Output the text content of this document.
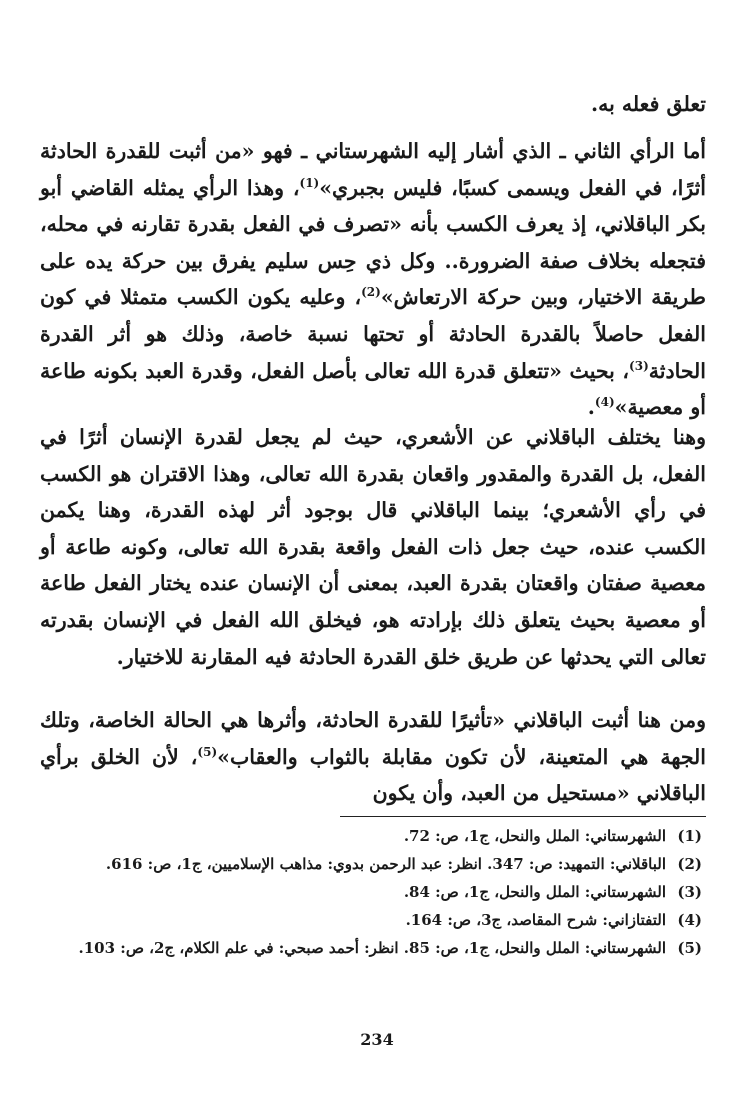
تعلق فعله به.

أما الرأي الثاني ـ الذي أشار إليه الشهرستاني ـ فهو «من أثبت للقدرة الحادثة أثرًا، في الفعل ويسمى كسبًا، فليس بجبري»$^{(1)}$، وهذا الرأي يمثله القاضي أبو بكر الباقلاني، إذ يعرف الكسب بأنه «تصرف في الفعل بقدرة تقارنه في محله، فتجعله بخلاف صفة الضرورة.. وكل ذي حِس سليم يفرق بين حركة يده على طريقة الاختيار، وبين حركة الارتعاش»$^{(2)}$، وعليه يكون الكسب متمثلا في كون الفعل حاصلاً بالقدرة الحادثة أو تحتها نسبة خاصة، وذلك هو أثر القدرة الحادثة$^{(3)}$، بحيث «تتعلق قدرة الله تعالى بأصل الفعل، وقدرة العبد بكونه طاعة أو معصية»$^{(4)}$.

وهنا يختلف الباقلاني عن الأشعري، حيث لم يجعل لقدرة الإنسان أثرًا في الفعل، بل القدرة والمقدور واقعان بقدرة الله تعالى، وهذا الاقتران هو الكسب في رأي الأشعري؛ بينما الباقلاني قال بوجود أثر لهذه القدرة، وهنا يكمن الكسب عنده، حيث جعل ذات الفعل واقعة بقدرة الله تعالى، وكونه طاعة أو معصية صفتان واقعتان بقدرة العبد، بمعنى أن الإنسان عنده يختار الفعل طاعة أو معصية بحيث يتعلق ذلك بإرادته هو، فيخلق الله الفعل في الإنسان بقدرته تعالى التي يحدثها عن طريق خلق القدرة الحادثة فيه المقارنة للاختيار.

ومن هنا أثبت الباقلاني «تأثيرًا للقدرة الحادثة، وأثرها هي الحالة الخاصة، وتلك الجهة هي المتعينة، لأن تكون مقابلة بالثواب والعقاب»$^{(5)}$، لأن الخلق برأي الباقلاني «مستحيل من العبد، وأن يكون

(1)
الشهرستاني: الملل والنحل، ج1، ص: 72.
(2)
الباقلاني: التمهيد: ص: 347. انظر: عبد الرحمن بدوي: مذاهب الإسلاميين، ج1، ص: 616.
(3)
الشهرستاني: الملل والنحل، ج1، ص: 84.
(4)
التفتازاني: شرح المقاصد، ج3، ص: 164.
(5)
الشهرستاني: الملل والنحل، ج1، ص: 85. انظر: أحمد صبحي: في علم الكلام، ج2، ص: 103.
234
